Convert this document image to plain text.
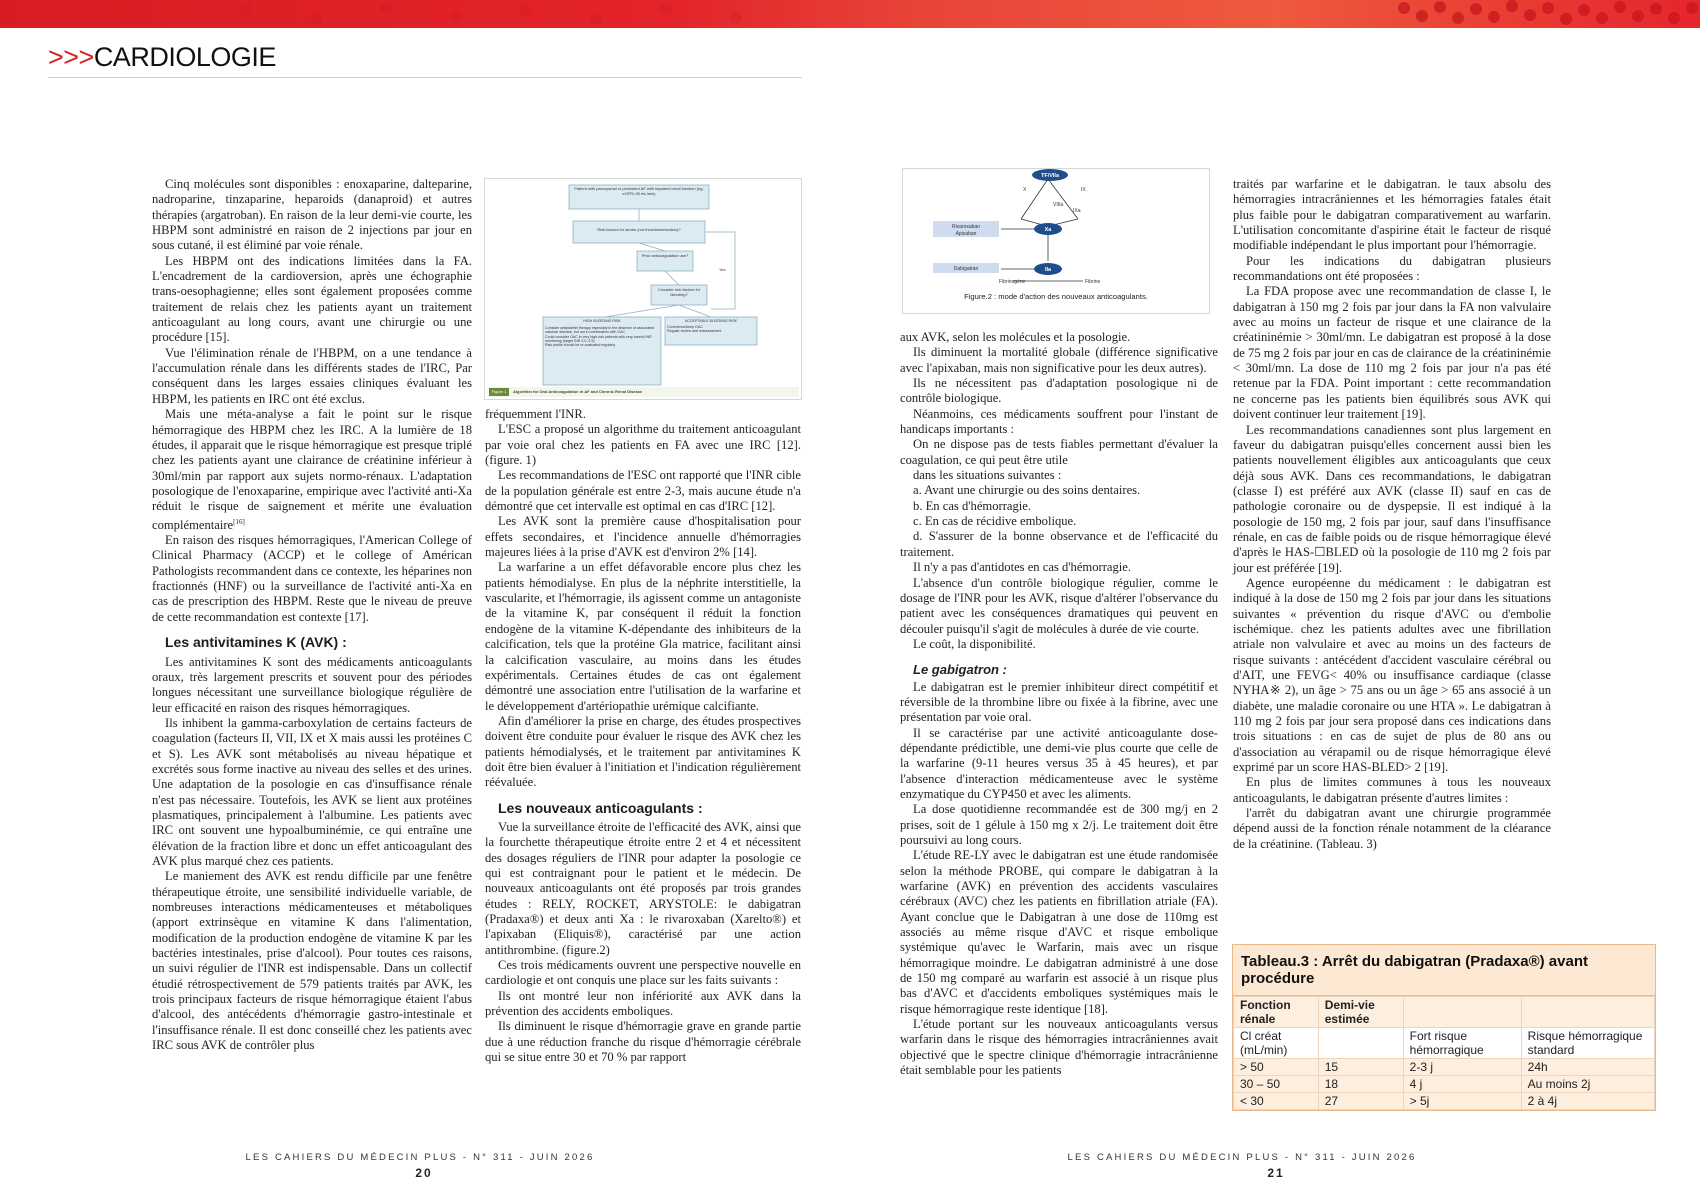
>>>CARDIOLOGIE

Cinq molécules sont disponibles : enoxaparine, dalteparine, nadroparine, tinzaparine, heparoids (danaproid) et autres thérapies (argatroban). En raison de la leur demi-vie courte, les HBPM sont administré en raison de 2 injections par jour en sous cutané, il est éliminé par voie rénale.

Les HBPM ont des indications limitées dans la FA. L'encadrement de la cardioversion, après une échographie trans-oesophagienne; elles sont également proposées comme traitement de relais chez les patients ayant un traitement anticoagulant au long cours, avant une chirurgie ou une procédure [15].

Vue l'élimination rénale de l'HBPM, on a une tendance à l'accumulation rénale dans les différents stades de l'IRC, Par conséquent dans les larges essaies cliniques évaluant les HBPM, les patients en IRC ont été exclus.

Mais une méta-analyse a fait le point sur le risque hémorragique des HBPM chez les IRC. A la lumière de 18 études, il apparait que le risque hémorragique est presque triplé chez les patients ayant une clairance de créatinine inférieur à 30ml/min par rapport aux sujets normo-rénaux. L'adaptation posologique de l'enoxaparine, empirique avec l'activité anti-Xa réduit le risque de saignement et mérite une évaluation complémentaire[16]

En raison des risques hémorragiques, l'American College of Clinical Pharmacy (ACCP) et le college of Américan Pathologists recommandent dans ce contexte, les héparines non fractionnés (HNF) ou la surveillance de l'activité anti-Xa en cas de prescription des HBPM. Reste que le niveau de preuve de cette recommandation est contexte [17].

Les antivitamines K (AVK) :

Les antivitamines K sont des médicaments anticoagulants oraux, très largement prescrits et souvent pour des périodes longues nécessitant une surveillance biologique régulière de leur efficacité en raison des risques hémorragiques.

Ils inhibent la gamma-carboxylation de certains facteurs de coagulation (facteurs II, VII, IX et X mais aussi les protéines C et S). Les AVK sont métabolisés au niveau hépatique et excrétés sous forme inactive au niveau des selles et des urines. Une adaptation de la posologie en cas d'insuffisance rénale n'est pas nécessaire. Toutefois, les AVK se lient aux protéines plasmatiques, principalement à l'albumine. Les patients avec IRC ont souvent une hypoalbuminémie, ce qui entraîne une élévation de la fraction libre et donc un effet anticoagulant des AVK plus marqué chez ces patients.

Le maniement des AVK est rendu difficile par une fenêtre thérapeutique étroite, une sensibilité individuelle variable, de nombreuses interactions médicamenteuses et métaboliques (apport extrinsèque en vitamine K dans l'alimentation, modification de la production endogène de vitamine K par les bactéries intestinales, prise d'alcool). Pour toutes ces raisons, un suivi régulier de l'INR est indispensable. Dans un collectif étudié rétrospectivement de 579 patients traités par AVK, les trois principaux facteurs de risque hémorragique étaient l'abus d'alcool, des antécédents d'hémorragie gastro-intestinale et l'insuffisance rénale. Il est donc conseillé chez les patients avec IRC sous AVK de contrôler plus

Patient with paroxysmal or persistent AF with impaired renal function (eg, eGFR<30 mL/min)
Risk factors for stroke (not thromboembolism)?
Prior anticoagulation use?
Consider risk factors for bleeding?
Yes
HIGH BLEEDING RISK
Consider antiplatelet therapy especially in the absence of associated vascular disease, but not in combination with OAC
Could consider OAC in very high-risk patients with very careful INR monitoring (target INR 2.0–2.5)
Risk profile should be re-evaluated regularly
ACCEPTABLE BLEEDING RISK
Commence/keep OAC
Regular review and reassessment
Figure 1	Algorithm for Oral Anticoagulation in AF and Chronic Renal Disease

fréquemment l'INR.

L'ESC a proposé un algorithme du traitement anticoagulant par voie oral chez les patients en FA avec une IRC [12]. (figure. 1)

Les recommandations de l'ESC ont rapporté que l'INR cible de la population générale est entre 2-3, mais aucune étude n'a démontré que cet intervalle est optimal en cas d'IRC [12].

Les AVK sont la première cause d'hospitalisation pour effets secondaires, et l'incidence annuelle d'hémorragies majeures liées à la prise d'AVK est d'environ 2% [14].

La warfarine a un effet défavorable encore plus chez les patients hémodialyse. En plus de la néphrite interstitielle, la vascularite, et l'hémorragie, ils agissent comme un antagoniste de la vitamine K, par conséquent il réduit la fonction endogène de la vitamine K-dépendante des inhibiteurs de la calcification, tels que la protéine Gla matrice, facilitant ainsi la calcification vasculaire, au moins dans les études expérimentals. Certaines études de cas ont également démontré une association entre l'utilisation de la warfarine et le développement d'artériopathie urémique calcifiante.

Afin d'améliorer la prise en charge, des études prospectives doivent être conduite pour évaluer le risque des AVK chez les patients hémodialysés, et le traitement par antivitamines K doit être bien évaluer à l'initiation et l'indication régulièrement réévaluée.

Les nouveaux anticoagulants :

Vue la surveillance étroite de l'efficacité des AVK, ainsi que la fourchette thérapeutique étroite entre 2 et 4 et nécessitent des dosages réguliers de l'INR pour adapter la posologie ce qui est contraignant pour le patient et le médecin. De nouveaux anticoagulants ont été proposés par trois grandes études : RELY, ROCKET, ARYSTOLE: le dabigatran (Pradaxa®) et deux anti Xa : le rivaroxaban (Xarelto®) et l'apixaban (Eliquis®), caractérisé par une action antithrombine. (figure.2)

Ces trois médicaments ouvrent une perspective nouvelle en cardiologie et ont conquis une place sur les faits suivants :

Ils ont montré leur non infériorité aux AVK dans la prévention des accidents emboliques.

Ils diminuent le risque d'hémorragie grave en grande partie due à une réduction franche du risque d'hémorragie cérébrale qui se situe entre 30 et 70 % par rapport

LES CAHIERS DU MÉDECIN PLUS - N° 311 - JUIN 2026
20
TF/VIIa
X	IX
VIIIa
IXa
Xa
IIa
Rivaroxaban
Apixaban
Dabigatran
Fibrinogène	Fibrine
Figure.2 : mode d'action des nouveaux anticoagulants.

aux AVK, selon les molécules et la posologie.

Ils diminuent la mortalité globale (différence significative avec l'apixaban, mais non significative pour les deux autres).

Ils ne nécessitent pas d'adaptation posologique ni de contrôle biologique.

Néanmoins, ces médicaments souffrent pour l'instant de handicaps importants :

On ne dispose pas de tests fiables permettant d'évaluer la coagulation, ce qui peut être utile

dans les situations suivantes :

a. Avant une chirurgie ou des soins dentaires.

b. En cas d'hémorragie.

c. En cas de récidive embolique.

d. S'assurer de la bonne observance et de l'efficacité du traitement.

Il n'y a pas d'antidotes en cas d'hémorragie.

L'absence d'un contrôle biologique régulier, comme le dosage de l'INR pour les AVK, risque d'altérer l'observance du patient avec les conséquences dramatiques qui peuvent en découler puisqu'il s'agit de molécules à durée de vie courte.

Le coût, la disponibilité.

Le gabigatron :

Le dabigatran est le premier inhibiteur direct compétitif et réversible de la thrombine libre ou fixée à la fibrine, avec une présentation par voie oral.

Il se caractérise par une activité anticoagulante dose-dépendante prédictible, une demi-vie plus courte que celle de la warfarine (9-11 heures versus 35 à 45 heures), et par l'absence d'interaction médicamenteuse avec le système enzymatique du CYP450 et avec les aliments.

La dose quotidienne recommandée est de 300 mg/j en 2 prises, soit de 1 gélule à 150 mg x 2/j. Le traitement doit être poursuivi au long cours.

L'étude RE-LY avec le dabigatran est une étude randomisée selon la méthode PROBE, qui compare le dabigatran à la warfarine (AVK) en prévention des accidents vasculaires cérébraux (AVC) chez les patients en fibrillation atriale (FA). Ayant conclue que le Dabigatran à une dose de 110mg est associés au même risque d'AVC et risque embolique systémique qu'avec le Warfarin, mais avec un risque hémorragique moindre. Le dabigatran administré à une dose de 150 mg comparé au warfarin est associé à un risque plus bas d'AVC et d'accidents emboliques systémiques mais le risque hémorragique reste identique [18].

L'étude portant sur les nouveaux anticoagulants versus warfarin dans le risque des hémorragies intracrâniennes avait objectivé que le spectre clinique d'hémorragie intracrânienne était semblable pour les patients

traités par warfarine et le dabigatran. le taux absolu des hémorragies intracrâniennes et les hémorragies fatales était plus faible pour le dabigatran comparativement au warfarin. L'utilisation concomitante d'aspirine était le facteur de risqué modifiable indépendant le plus important pour l'hémorragie.

Pour les indications du dabigatran plusieurs recommandations ont été proposées :

La FDA propose avec une recommandation de classe I, le dabigatran à 150 mg 2 fois par jour dans la FA non valvulaire avec au moins un facteur de risque et une clairance de la créatininémie > 30ml/mn. Le dabigatran est proposé à la dose de 75 mg 2 fois par jour en cas de clairance de la créatininémie < 30ml/mn. La dose de 110 mg 2 fois par jour n'a pas été retenue par la FDA. Point important : cette recommandation ne concerne pas les patients bien équilibrés sous AVK qui doivent continuer leur traitement [19].

Les recommandations canadiennes sont plus largement en faveur du dabigatran puisqu'elles concernent aussi bien les patients nouvellement éligibles aux anticoagulants que ceux déjà sous AVK. Dans ces recommandations, le dabigatran (classe I) est préféré aux AVK (classe II) sauf en cas de pathologie coronaire ou de dyspepsie. Il est indiqué à la posologie de 150 mg, 2 fois par jour, sauf dans l'insuffisance rénale, en cas de faible poids ou de risque hémorragique élevé d'après le HAS-☐BLED où la posologie de 110 mg 2 fois par jour est préférée [19].

Agence européenne du médicament : le dabigatran est indiqué à la dose de 150 mg 2 fois par jour dans les situations suivantes « prévention du risque d'AVC ou d'embolie ischémique. chez les patients adultes avec une fibrillation atriale non valvulaire et avec au moins un des facteurs de risque suivants : antécédent d'accident vasculaire cérébral ou d'AIT, une FEVG< 40% ou insuffisance cardiaque (classe NYHA※ 2), un âge > 75 ans ou un âge > 65 ans associé à un diabète, une maladie coronaire ou une HTA ». Le dabigatran à 110 mg 2 fois par jour sera proposé dans ces indications dans trois situations : en cas de sujet de plus de 80 ans ou d'association au vérapamil ou de risque hémorragique élevé exprimé par un score HAS-BLED> 2 [19].

En plus de limites communes à tous les nouveaux anticoagulants, le dabigatran présente d'autres limites :

l'arrêt du dabigatran avant une chirurgie programmée dépend aussi de la fonction rénale notamment de la cléarance de la créatinine. (Tableau. 3)

Tableau.3 : Arrêt du dabigatran (Pradaxa®) avant procédure
Fonction rénale	Demi-vie estimée		
Cl créat (mL/min)		Fort risque hémorragique	Risque hémorragique standard
> 50	15	2-3 j	24h
30 – 50	18	4 j	Au moins 2j
< 30	27	> 5j	2 à 4j
LES CAHIERS DU MÉDECIN PLUS - N° 311 - JUIN 2026
21
